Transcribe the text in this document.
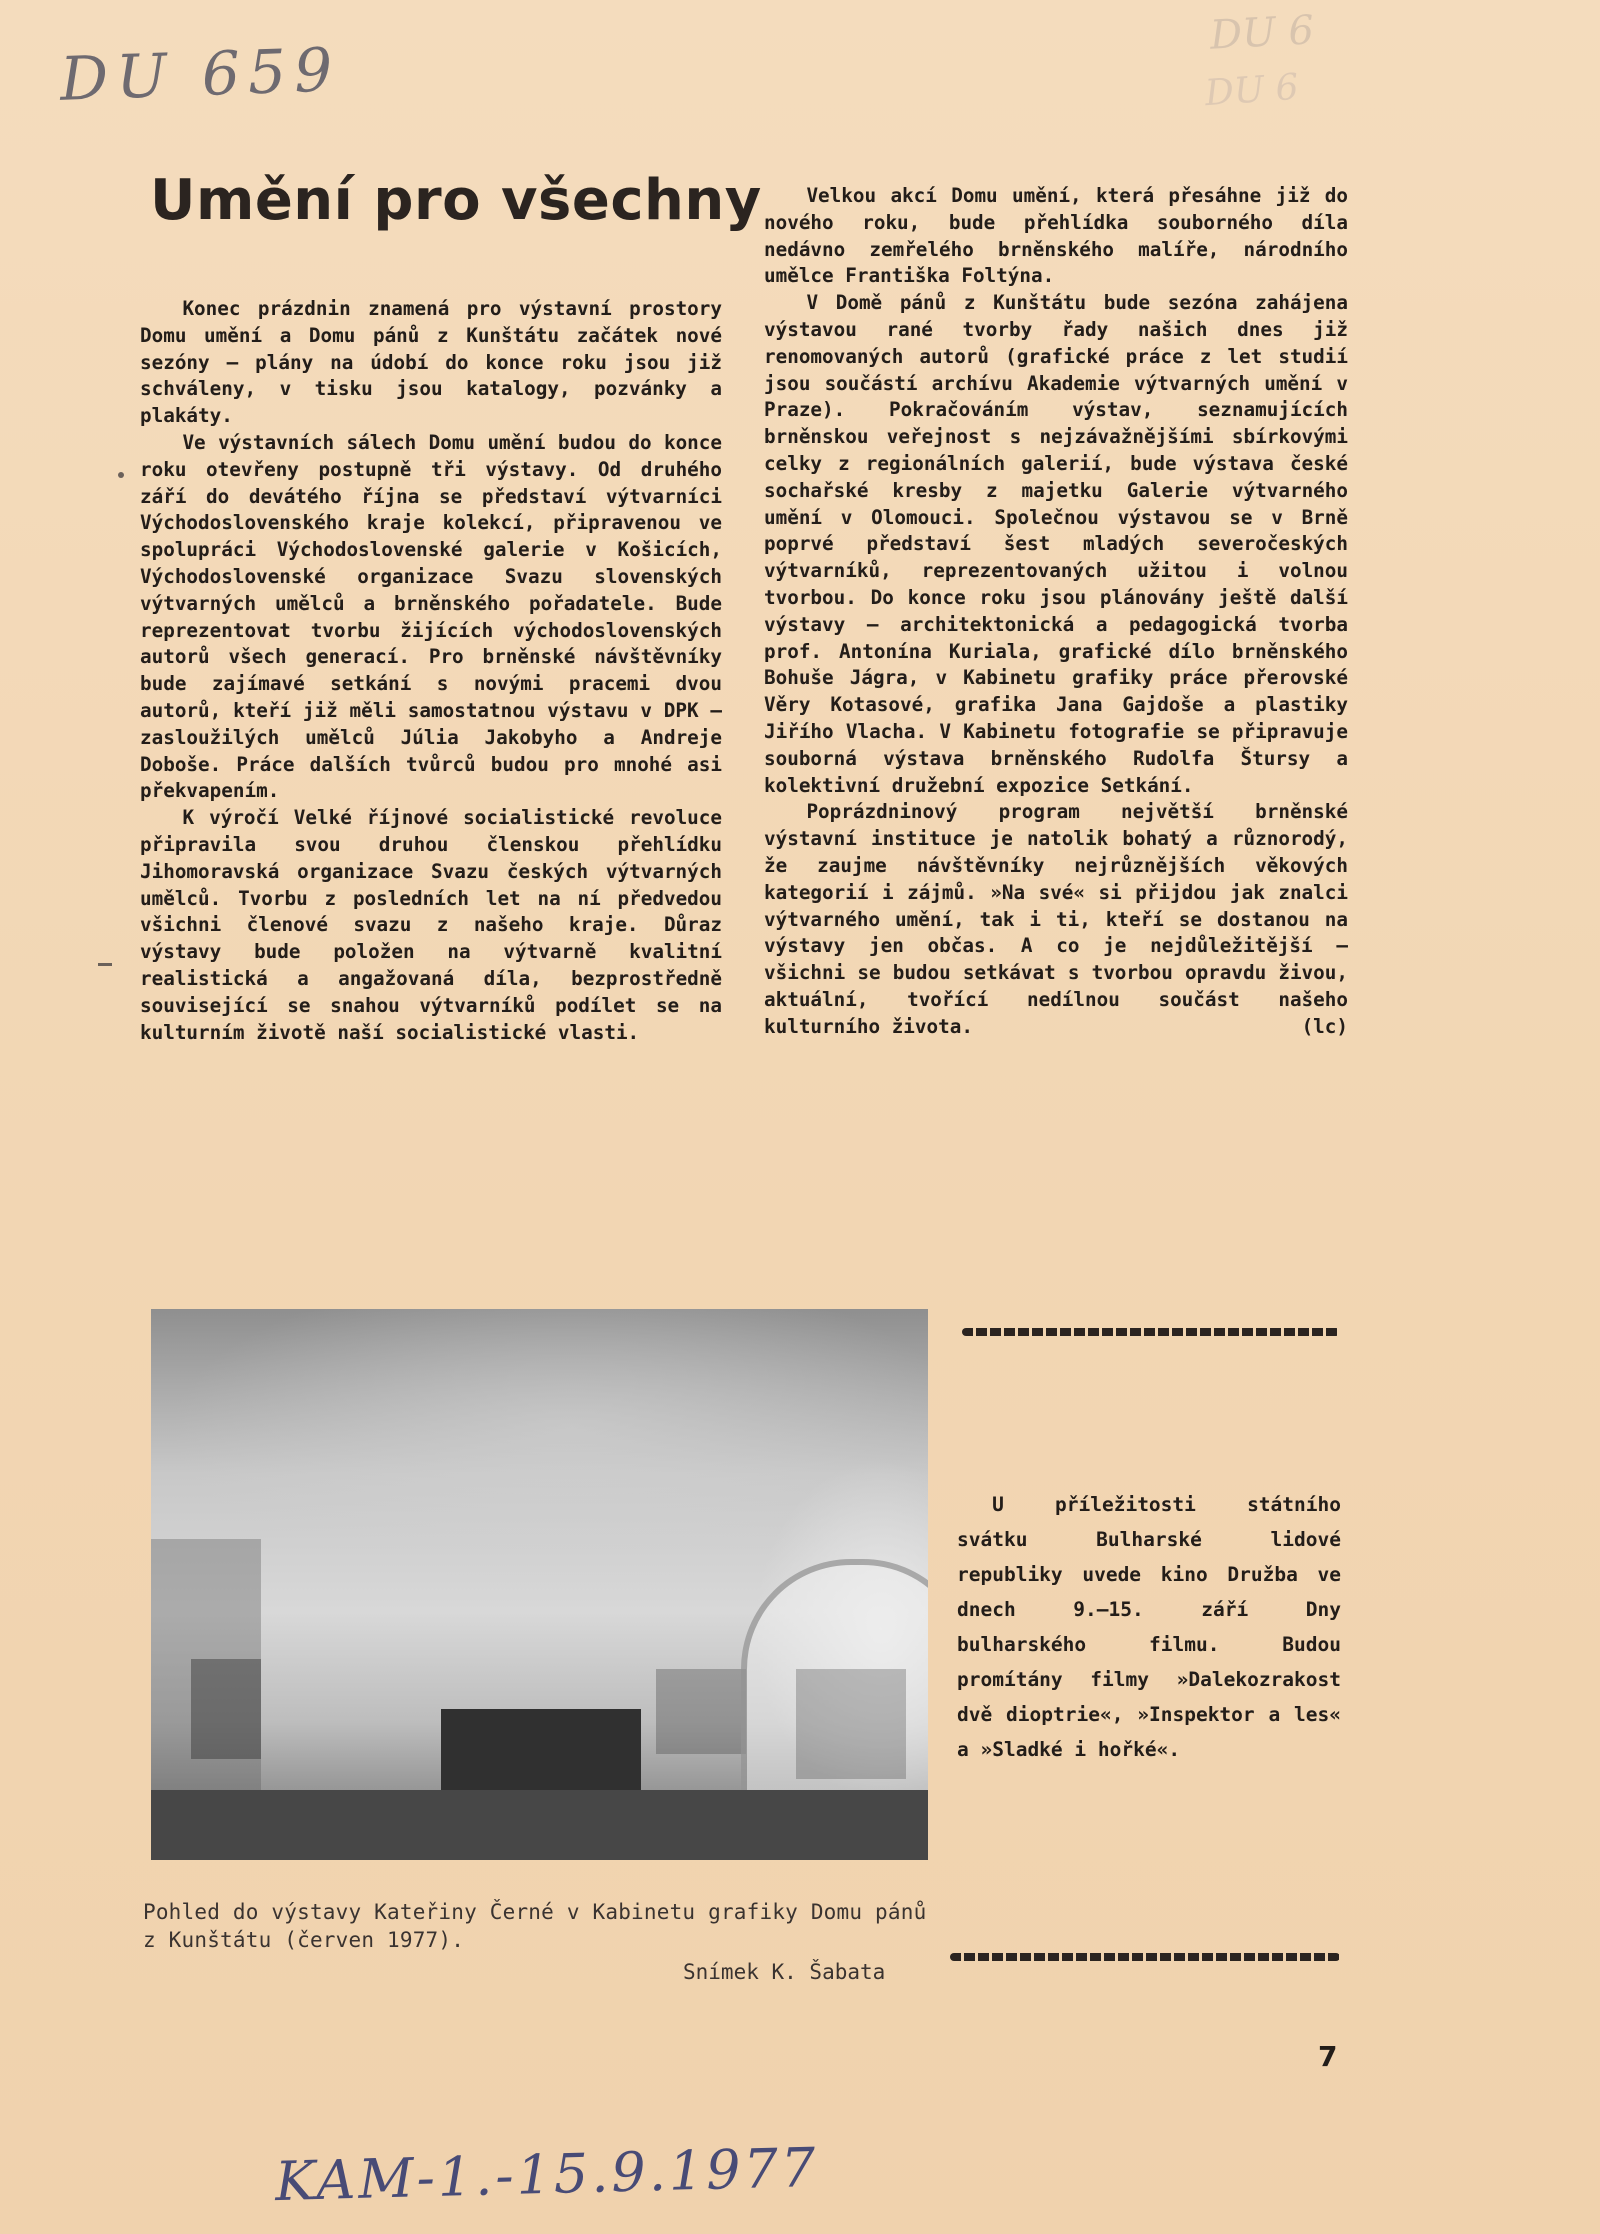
DU 659
DU 6
DU 6
Umění pro všechny

Konec prázdnin znamená pro výstavní prostory Domu umění a Domu pánů z Kunštátu začátek nové sezóny — plány na údobí do konce roku jsou již schváleny, v tisku jsou katalogy, pozvánky a plakáty.

Ve výstavních sálech Domu umění budou do konce roku otevřeny postupně tři výstavy. Od druhého září do devátého října se představí výtvarníci Východoslovenského kraje kolekcí, připravenou ve spolupráci Východoslovenské galerie v Košicích, Východoslovenské organizace Svazu slovenských výtvarných umělců a brněnského pořadatele. Bude reprezentovat tvorbu žijících východoslovenských autorů všech generací. Pro brněnské návštěvníky bude zajímavé setkání s novými pracemi dvou autorů, kteří již měli samostatnou výstavu v DPK — zasloužilých umělců Júlia Jakobyho a Andreje Doboše. Práce dalších tvůrců budou pro mnohé asi překvapením.

K výročí Velké říjnové socialistické revoluce připravila svou druhou členskou přehlídku Jihomoravská organizace Svazu českých výtvarných umělců. Tvorbu z posledních let na ní předvedou všichni členové svazu z našeho kraje. Důraz výstavy bude položen na výtvarně kvalitní realistická a angažovaná díla, bezprostředně související se snahou výtvarníků podílet se na kulturním životě naší socialistické vlasti.

Velkou akcí Domu umění, která přesáhne již do nového roku, bude přehlídka souborného díla nedávno zemřelého brněnského malíře, národního umělce Františka Foltýna.

V Domě pánů z Kunštátu bude sezóna zahájena výstavou rané tvorby řady našich dnes již renomovaných autorů (grafické práce z let studií jsou součástí archívu Akademie výtvarných umění v Praze). Pokračováním výstav, seznamujících brněnskou veřejnost s nejzávažnějšími sbírkovými celky z regionálních galerií, bude výstava české sochařské kresby z majetku Galerie výtvarného umění v Olomouci. Společnou výstavou se v Brně poprvé představí šest mladých severočeských výtvarníků, reprezentovaných užitou i volnou tvorbou. Do konce roku jsou plánovány ještě další výstavy — architektonická a pedagogická tvorba prof. Antonína Kuriala, grafické dílo brněnského Bohuše Jágra, v Kabinetu grafiky práce přerovské Věry Kotasové, grafika Jana Gajdoše a plastiky Jiřího Vlacha. V Kabinetu fotografie se připravuje souborná výstava brněnského Rudolfa Štursy a kolektivní družební expozice Setkání.

Poprázdninový program největší brněnské výstavní instituce je natolik bohatý a různorodý, že zaujme návštěvníky nejrůznějších věkových kategorií i zájmů. »Na své« si přijdou jak znalci výtvarného umění, tak i ti, kteří se dostanou na výstavy jen občas. A co je nejdůležitější — všichni se budou setkávat s tvorbou opravdu živou, aktuální, tvořící nedílnou součást našeho kulturního života.	(lc)

Pohled do výstavy Kateřiny Černé v Kabinetu grafiky Domu pánů z Kunštátu (červen 1977).

Snímek K. Šabata

U příležitosti státního svátku Bulharské lidové republiky uvede kino Družba ve dnech 9.—15. září Dny bulharského filmu. Budou promítány filmy »Dalekozrakost dvě dioptrie«, »Inspektor a les« a »Sladké i hořké«.

7

KAM-1.-15.9.1977
